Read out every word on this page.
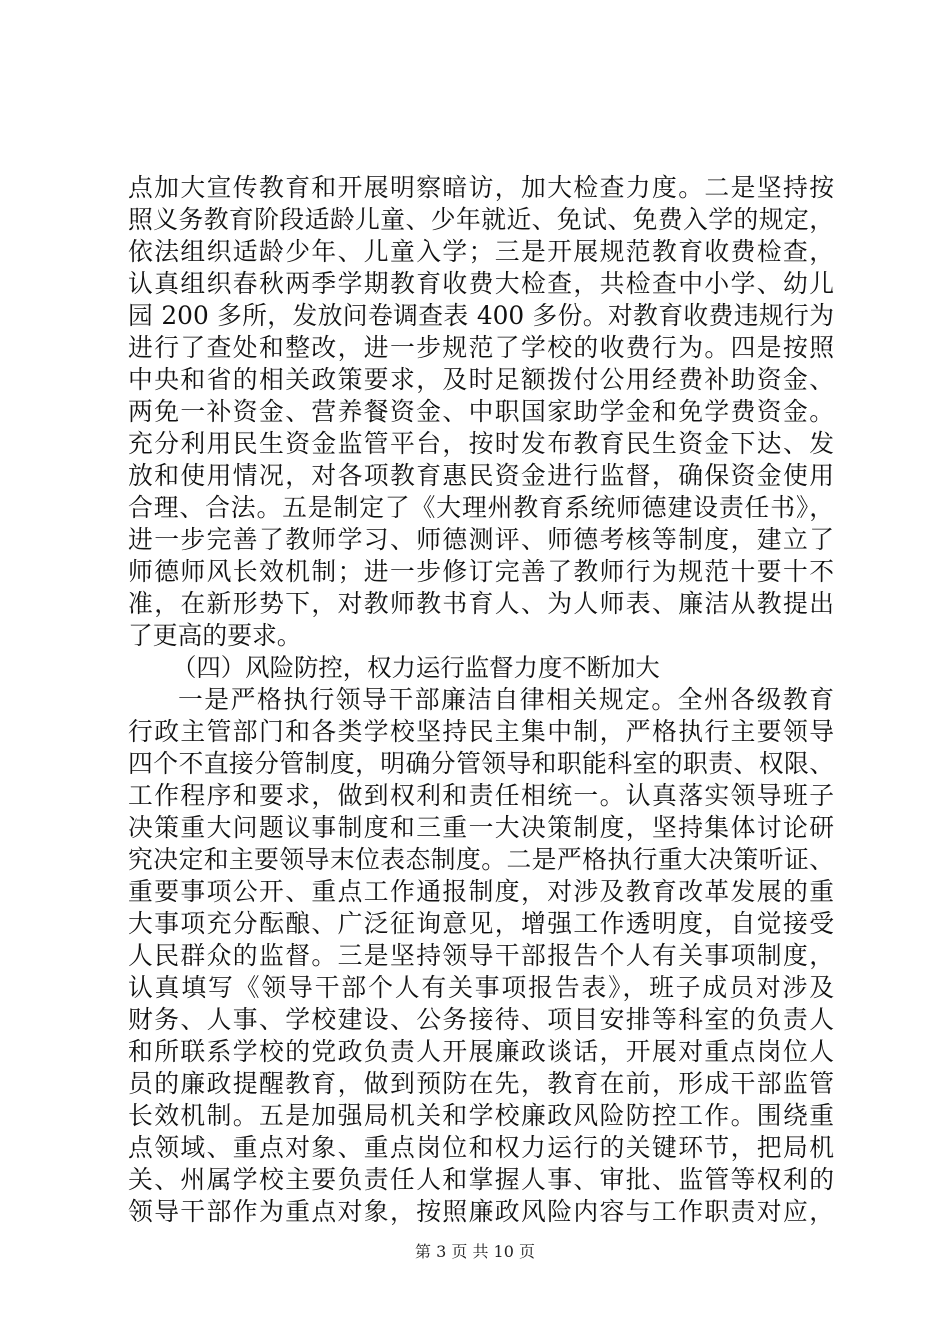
点加大宣传教育和开展明察暗访，加大检查力度。二是坚持按
照义务教育阶段适龄儿童、少年就近、免试、免费入学的规定，
依法组织适龄少年、儿童入学；三是开展规范教育收费检查，
认真组织春秋两季学期教育收费大检查，共检查中小学、幼儿
园 200 多所，发放问卷调查表 400 多份。对教育收费违规行为
进行了查处和整改，进一步规范了学校的收费行为。四是按照
中央和省的相关政策要求，及时足额拨付公用经费补助资金、
两免一补资金、营养餐资金、中职国家助学金和免学费资金。
充分利用民生资金监管平台，按时发布教育民生资金下达、发
放和使用情况，对各项教育惠民资金进行监督，确保资金使用
合理、合法。五是制定了《大理州教育系统师德建设责任书》，
进一步完善了教师学习、师德测评、师德考核等制度，建立了
师德师风长效机制；进一步修订完善了教师行为规范十要十不
准，在新形势下，对教师教书育人、为人师表、廉洁从教提出
了更高的要求。
（四）风险防控，权力运行监督力度不断加大
一是严格执行领导干部廉洁自律相关规定。全州各级教育
行政主管部门和各类学校坚持民主集中制，严格执行主要领导
四个不直接分管制度，明确分管领导和职能科室的职责、权限、
工作程序和要求，做到权利和责任相统一。认真落实领导班子
决策重大问题议事制度和三重一大决策制度，坚持集体讨论研
究决定和主要领导末位表态制度。二是严格执行重大决策听证、
重要事项公开、重点工作通报制度，对涉及教育改革发展的重
大事项充分酝酿、广泛征询意见，增强工作透明度，自觉接受
人民群众的监督。三是坚持领导干部报告个人有关事项制度，
认真填写《领导干部个人有关事项报告表》，班子成员对涉及
财务、人事、学校建设、公务接待、项目安排等科室的负责人
和所联系学校的党政负责人开展廉政谈话，开展对重点岗位人
员的廉政提醒教育，做到预防在先，教育在前，形成干部监管
长效机制。五是加强局机关和学校廉政风险防控工作。围绕重
点领域、重点对象、重点岗位和权力运行的关键环节，把局机
关、州属学校主要负责任人和掌握人事、审批、监管等权利的
领导干部作为重点对象，按照廉政风险内容与工作职责对应，
第 3 页 共 10 页
